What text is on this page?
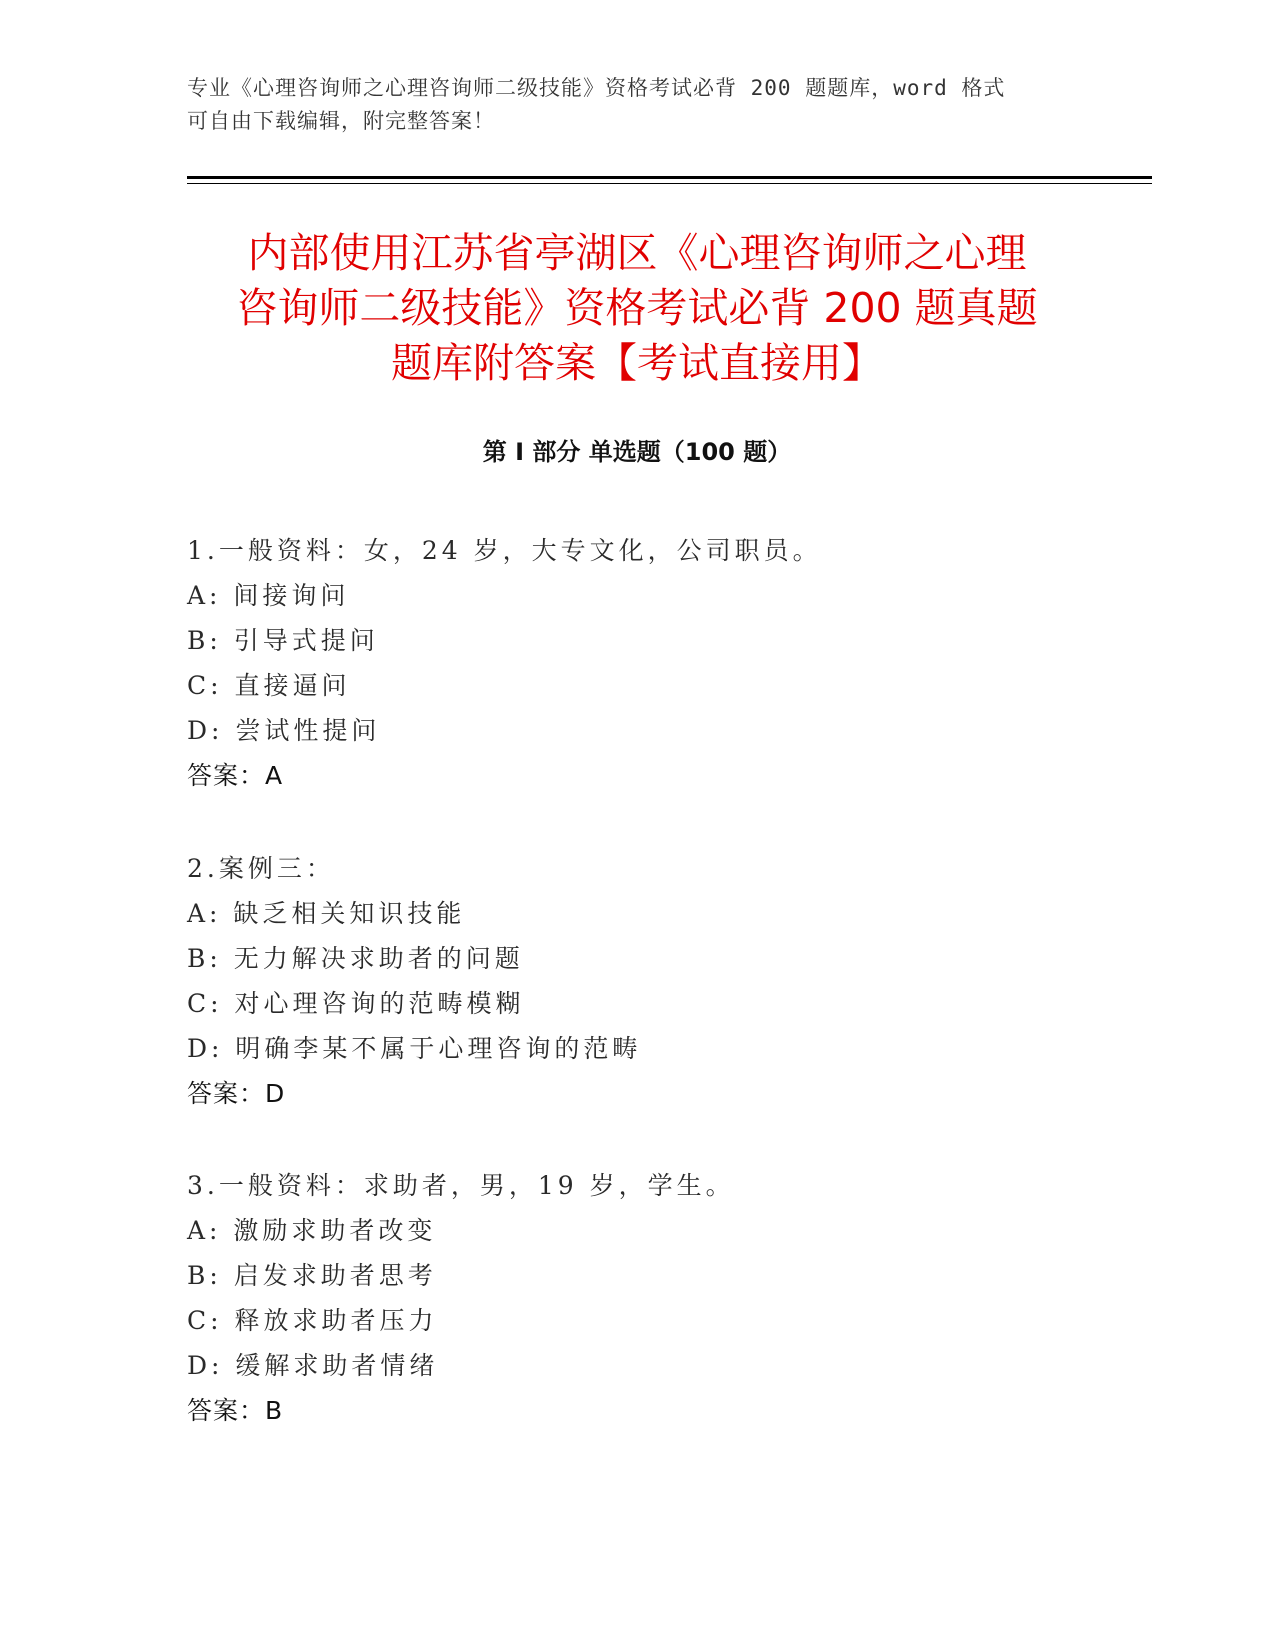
专业《心理咨询师之心理咨询师二级技能》资格考试必背 200 题题库，word 格式
可自由下载编辑，附完整答案！
内部使用江苏省亭湖区《心理咨询师之心理
咨询师二级技能》资格考试必背 200 题真题
题库附答案【考试直接用】
第 I 部分 单选题（100 题）
1.一般资料：女，24 岁，大专文化，公司职员。
A: 间接询问
B: 引导式提问
C: 直接逼问
D: 尝试性提问
答案：A
2.案例三：
A: 缺乏相关知识技能
B: 无力解决求助者的问题
C: 对心理咨询的范畴模糊
D: 明确李某不属于心理咨询的范畴
答案：D
3.一般资料：求助者，男，19 岁，学生。
A: 激励求助者改变
B: 启发求助者思考
C: 释放求助者压力
D: 缓解求助者情绪
答案：B
